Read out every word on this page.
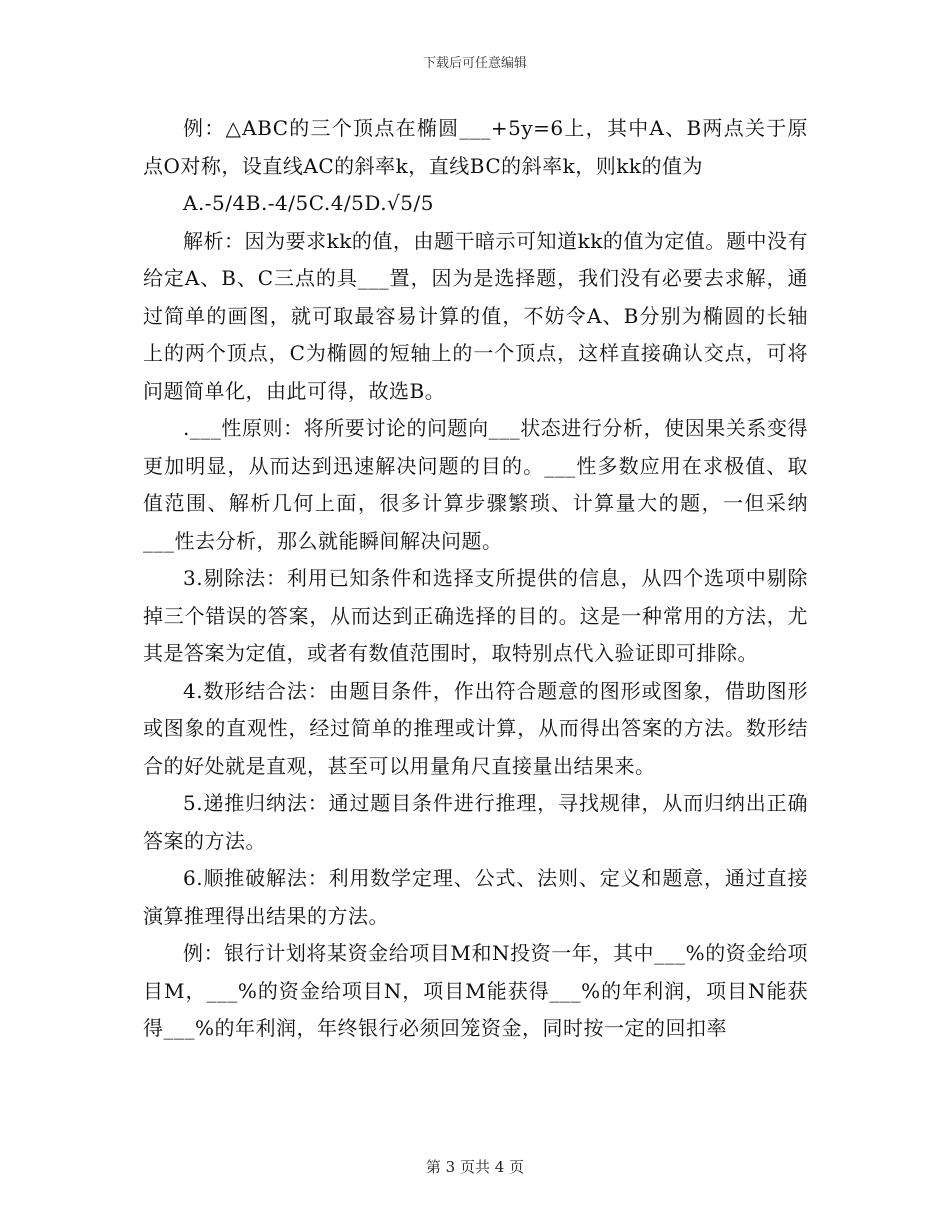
下载后可任意编辑

例：△ABC的三个顶点在椭圆___+5y=6上，其中A、B两点关于原点O对称，设直线AC的斜率k，直线BC的斜率k，则kk的值为

A.-5/4B.-4/5C.4/5D.√5/5

解析：因为要求kk的值，由题干暗示可知道kk的值为定值。题中没有给定A、B、C三点的具___置，因为是选择题，我们没有必要去求解，通过简单的画图，就可取最容易计算的值，不妨令A、B分别为椭圆的长轴上的两个顶点，C为椭圆的短轴上的一个顶点，这样直接确认交点，可将问题简单化，由此可得，故选B。

.___性原则：将所要讨论的问题向___状态进行分析，使因果关系变得更加明显，从而达到迅速解决问题的目的。___性多数应用在求极值、取值范围、解析几何上面，很多计算步骤繁琐、计算量大的题，一但采纳___性去分析，那么就能瞬间解决问题。

3.剔除法：利用已知条件和选择支所提供的信息，从四个选项中剔除掉三个错误的答案，从而达到正确选择的目的。这是一种常用的方法，尤其是答案为定值，或者有数值范围时，取特别点代入验证即可排除。

4.数形结合法：由题目条件，作出符合题意的图形或图象，借助图形或图象的直观性，经过简单的推理或计算，从而得出答案的方法。数形结合的好处就是直观，甚至可以用量角尺直接量出结果来。

5.递推归纳法：通过题目条件进行推理，寻找规律，从而归纳出正确答案的方法。

6.顺推破解法：利用数学定理、公式、法则、定义和题意，通过直接演算推理得出结果的方法。

例：银行计划将某资金给项目M和N投资一年，其中___%的资金给项目M，___%的资金给项目N，项目M能获得___%的年利润，项目N能获得___%的年利润，年终银行必须回笼资金，同时按一定的回扣率

第 3 页共 4 页
